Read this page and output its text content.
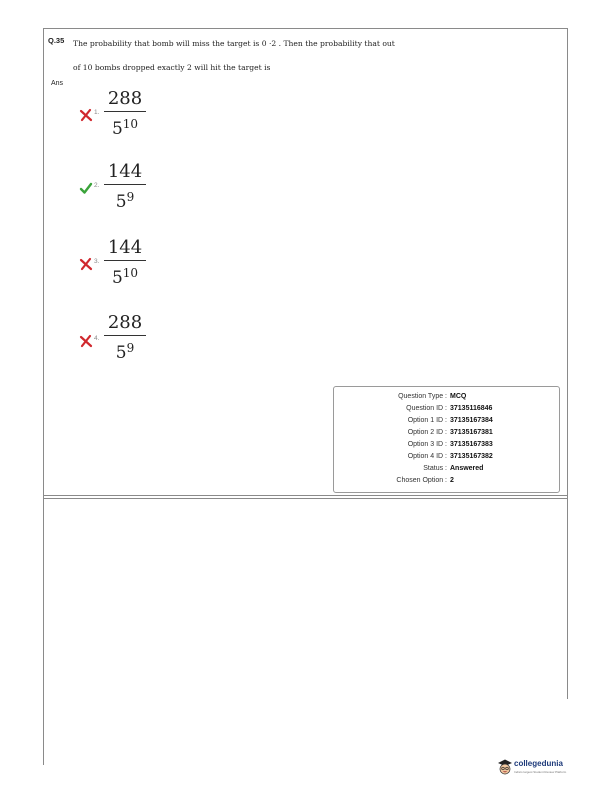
Q.35 The probability that bomb will miss the target is 0 ·2 . Then the probability that out
of 10 bombs dropped exactly 2 will hit the target is
Ans
1.
288
$5^{10}$
2.
144
$5^9$
3.
144
$5^{10}$
4.
288
$5^9$
Question Type : MCQ
Question ID : 37135116846
Option 1 ID : 37135167384
Option 2 ID : 37135167381
Option 3 ID : 37135167383
Option 4 ID : 37135167382
Status : Answered
Chosen Option : 2
collegedunia
India's largest Student Review Platform
